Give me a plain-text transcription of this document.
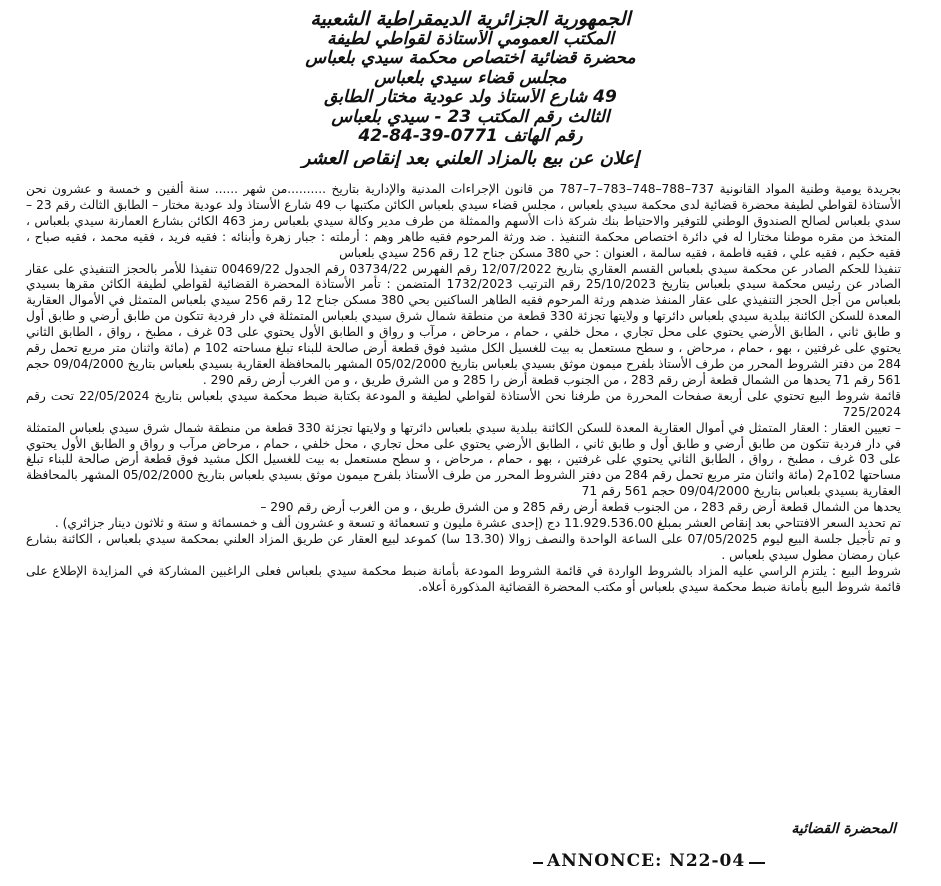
الجمهورية الجزائرية الديمقراطية الشعبية
المكتب العمومي الأستاذة لقواطي لطيفة
محضرة قضائية اختصاص محكمة سيدي بلعباس
مجلس قضاء سيدي بلعباس
49 شارع الأستاذ ولد عودية مختار الطابق
الثالث رقم المكتب 23 - سيدي بلعباس
رقم الهاتف 0771-39-84-42
إعلان عن بيع بالمزاد العلني بعد إنقاص العشر

بجريدة يومية وطنية المواد القانونية 737–788–748–783–7–787 من قانون الإجراءات المدنية والإدارية بتاريخ ..........من شهر ...... سنة ألفين و خمسة و عشرون نحن الأستاذة لقواطي لطيفة محضرة قضائية لدى محكمة سيدي بلعباس ، مجلس قضاء سيدي بلعباس الكائن مكتبها ب 49 شارع الأستاذ ولد عودية مختار – الطابق الثالث رقم 23 – سدي بلعباس لصالح الصندوق الوطني للتوفير والاحتياط بنك شركة ذات الأسهم والممثلة من طرف مدير وكالة سيدي بلعباس رمز 463 الكائن بشارع العمارنة سيدي بلعباس ، المتخذ من مقره موطنا مختارا له في دائرة اختصاص محكمة التنفيذ . ضد ورثة المرحوم فقيه طاهر وهم : أرملته : جبار زهرة وأبنائه : فقيه فريد ، فقيه محمد ، فقيه صباح ، فقيه حكيم ، فقيه علي ، فقيه فاطمة ، فقيه سالمة ، العنوان : حي 380 مسكن جناح 12 رقم 256 سيدي بلعباس

تنفيذا للحكم الصادر عن محكمة سيدي بلعباس القسم العقاري بتاريخ 12/07/2022 رقم الفهرس 03734/22 رقم الجدول 00469/22 تنفيذا للأمر بالحجز التنفيذي على عقار الصادر عن رئيس محكمة سيدي بلعباس بتاريخ 25/10/2023 رقم الترتيب 1732/2023 المتضمن : تأمر الأستاذة المحضرة القضائية لقواطي لطيفة الكائن مقرها بسيدي بلعباس من أجل الحجز التنفيذي على عقار المنفذ ضدهم ورثة المرحوم فقيه الطاهر الساكنين بحي 380 مسكن جناح 12 رقم 256 سيدي بلعباس المتمثل في الأموال العقارية المعدة للسكن الكائنة ببلدية سيدي بلعباس دائرتها و ولايتها تجزئة 330 قطعة من منطقة شمال شرق سيدي بلعباس المتمثلة في دار فردية تتكون من طابق أرضي و طابق أول و طابق ثاني ، الطابق الأرضي يحتوي على محل تجاري ، محل خلفي ، حمام ، مرحاض ، مرآب و رواق و الطابق الأول يحتوي على 03 غرف ، مطبخ ، رواق ، الطابق الثاني يحتوي على غرفتين ، بهو ، حمام ، مرحاض ، و سطح مستعمل به بيت للغسيل الكل مشيد فوق قطعة أرض صالحة للبناء تبلغ مساحته 102 م (مائة واثنان متر مربع تحمل رقم 284 من دفتر الشروط المحرر من طرف الأستاذ بلفرح ميمون موثق بسيدي بلعباس بتاريخ 05/02/2000 المشهر بالمحافظة العقارية بسيدي بلعباس بتاريخ 09/04/2000 حجم 561 رقم 71 يحدها من الشمال قطعة أرض رقم 283 ، من الجنوب قطعة أرض را 285 و من الشرق طريق ، و من الغرب أرض رقم 290 .

قائمة شروط البيع تحتوي على أربعة صفحات المحررة من طرفنا نحن الأستاذة لقواطي لطيفة و المودعة بكتابة ضبط محكمة سيدي بلعباس بتاريخ 22/05/2024 تحت رقم 725/2024

– تعيين العقار : العقار المتمثل في أموال العقارية المعدة للسكن الكائنة ببلدية سيدي بلعباس دائرتها و ولايتها تجزئة 330 قطعة من منطقة شمال شرق سيدي بلعباس المتمثلة في دار فردية تتكون من طابق أرضي و طابق أول و طابق ثاني ، الطابق الأرضي يحتوي على محل تجاري ، محل خلفي ، حمام ، مرحاض مرآب و رواق و الطابق الأول يحتوي على 03 غرف ، مطبخ ، رواق ، الطابق الثاني يحتوي على غرفتين ، بهو ، حمام ، مرحاض ، و سطح مستعمل به بيت للغسيل الكل مشيد فوق قطعة أرض صالحة للبناء تبلغ مساحتها 102م2 (مائة واثنان متر مربع تحمل رقم 284 من دفتر الشروط المحرر من طرف الأستاذ بلفرح ميمون موثق بسيدي بلعباس بتاريخ 05/02/2000 المشهر بالمحافظة العقارية بسيدي بلعباس بتاريخ 09/04/2000 حجم 561 رقم 71

يحدها من الشمال قطعة أرض رقم 283 ، من الجنوب قطعة أرض رقم 285 و من الشرق طريق ، و من الغرب أرض رقم 290 –

تم تحديد السعر الافتتاحي بعد إنقاص العشر بمبلغ 11.929.536.00 دج (إحدى عشرة مليون و تسعمائة و تسعة و عشرون ألف و خمسمائة و ستة و ثلاثون دينار جزائري) .

و تم تأجيل جلسة البيع ليوم 07/05/2025 على الساعة الواحدة والنصف زوالا (13.30 سا) كموعد لبيع العقار عن طريق المزاد العلني بمحكمة سيدي بلعباس ، الكائنة بشارع عبان رمضان مطول سيدي بلعباس .

شروط البيع : يلتزم الراسي عليه المزاد بالشروط الواردة في قائمة الشروط المودعة بأمانة ضبط محكمة سيدي بلعباس فعلى الراغبين المشاركة في المزايدة الإطلاع على قائمة شروط البيع بأمانة ضبط محكمة سيدي بلعباس أو مكتب المحضرة القضائية المذكورة أعلاه.

المحضرة القضائية
ANNONCE: N22-04
